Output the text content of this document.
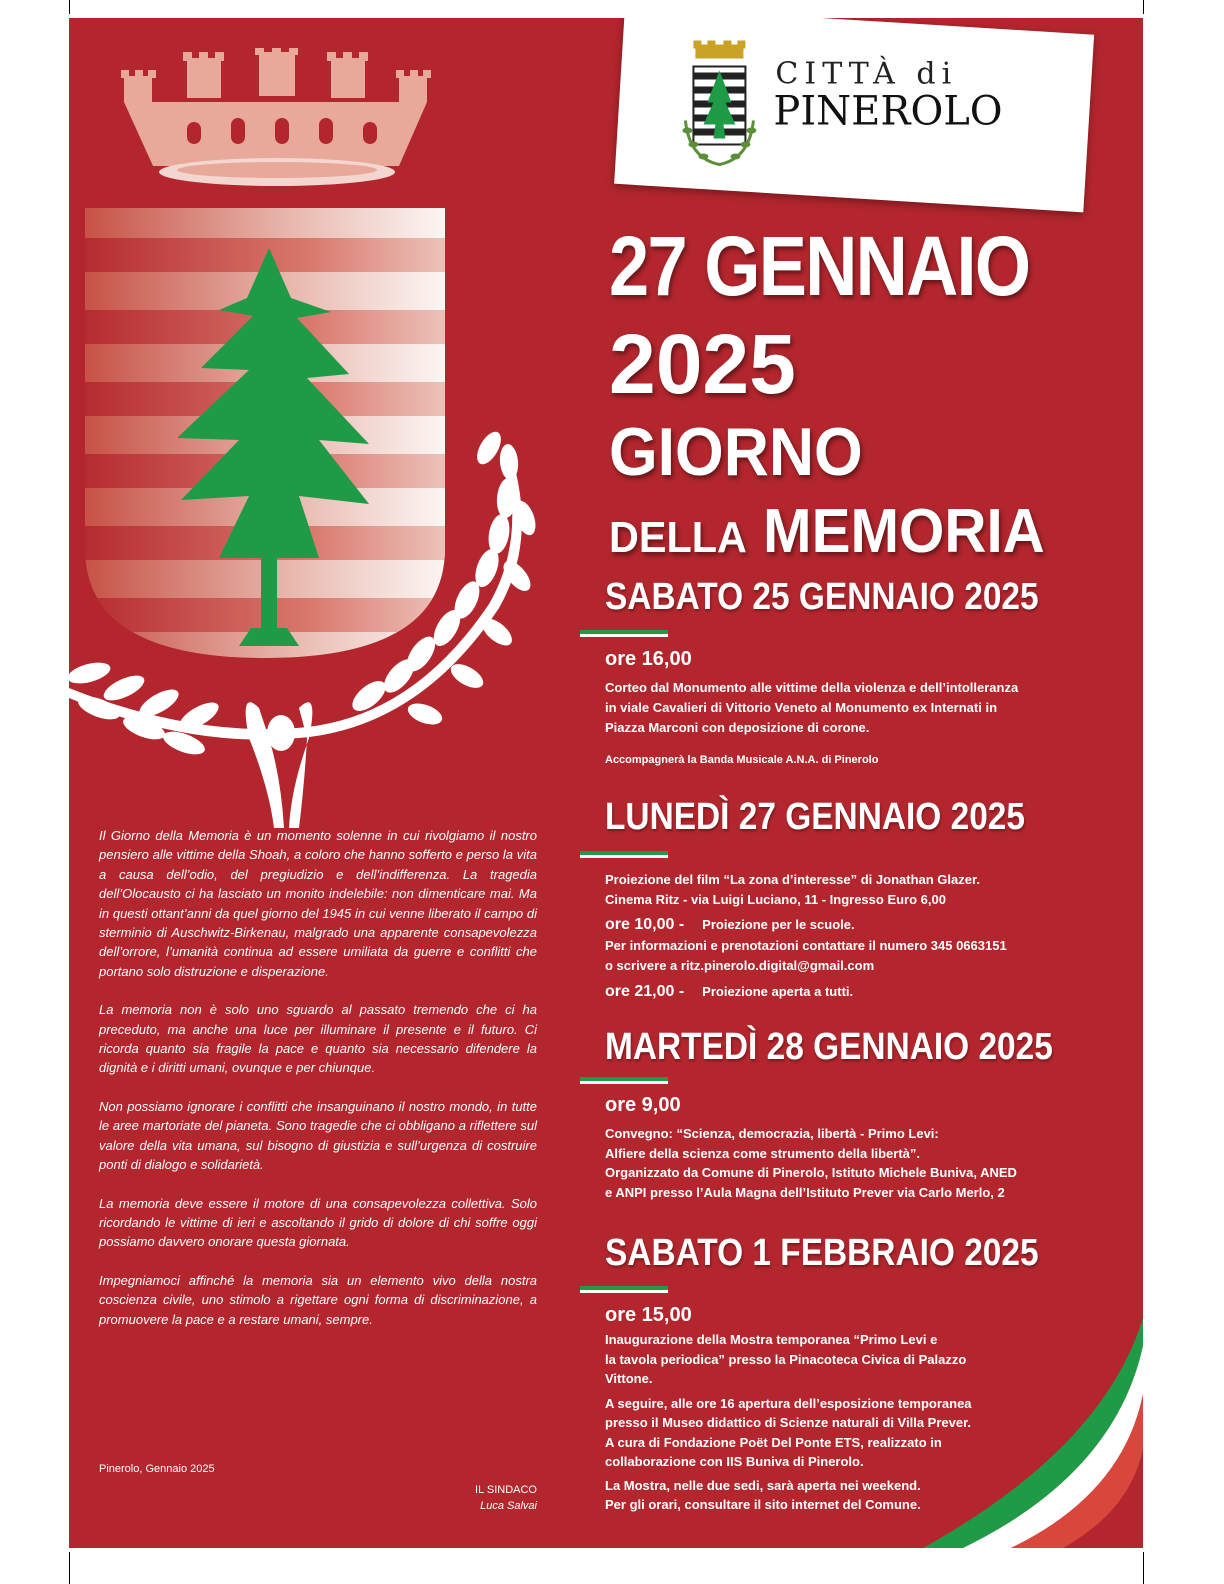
CITTÀ di
PINEROLO
27 GENNAIO
2025
GIORNO
DELLA MEMORIA
SABATO 25 GENNAIO 2025
ore 16,00
Corteo dal Monumento alle vittime della violenza e dell’intolleranza
in viale Cavalieri di Vittorio Veneto al Monumento ex Internati in
Piazza Marconi con deposizione di corone.
Accompagnerà la Banda Musicale A.N.A. di Pinerolo
LUNEDÌ 27 GENNAIO 2025
Proiezione del film “La zona d’interesse” di Jonathan Glazer.
Cinema Ritz - via Luigi Luciano, 11 - Ingresso Euro 6,00
ore 10,00 - Proiezione per le scuole.
Per informazioni e prenotazioni contattare il numero 345 0663151
o scrivere a ritz.pinerolo.digital@gmail.com
ore 21,00 - Proiezione aperta a tutti.
MARTEDÌ 28 GENNAIO 2025
ore 9,00
Convegno: “Scienza, democrazia, libertà - Primo Levi:
Alfiere della scienza come strumento della libertà”.
Organizzato da Comune di Pinerolo, Istituto Michele Buniva, ANED
e ANPI presso l’Aula Magna dell’Istituto Prever via Carlo Merlo, 2
SABATO 1 FEBBRAIO 2025
ore 15,00
Inaugurazione della Mostra temporanea “Primo Levi e
la tavola periodica” presso la Pinacoteca Civica di Palazzo
Vittone.
A seguire, alle ore 16 apertura dell’esposizione temporanea
presso il Museo didattico di Scienze naturali di Villa Prever.
A cura di Fondazione Poët Del Ponte ETS, realizzato in
collaborazione con IIS Buniva di Pinerolo.
La Mostra, nelle due sedi, sarà aperta nei weekend.
Per gli orari, consultare il sito internet del Comune.

Il Giorno della Memoria è un momento solenne in cui rivolgiamo il nostro pensiero alle vittime della Shoah, a coloro che hanno sofferto e perso la vita a causa dell’odio, del pregiudizio e dell’indifferenza. La tragedia dell’Olocausto ci ha lasciato un monito indelebile: non dimenticare mai. Ma in questi ottant’anni da quel giorno del 1945 in cui venne liberato il campo di sterminio di Auschwitz-Birkenau, malgrado una apparente consapevolezza dell’orrore, l’umanità continua ad essere umiliata da guerre e conflitti che portano solo distruzione e disperazione.

La memoria non è solo uno sguardo al passato tremendo che ci ha preceduto, ma anche una luce per illuminare il presente e il futuro. Ci ricorda quanto sia fragile la pace e quanto sia necessario difendere la dignità e i diritti umani, ovunque e per chiunque.

Non possiamo ignorare i conflitti che insanguinano il nostro mondo, in tutte le aree martoriate del pianeta. Sono tragedie che ci obbligano a riflettere sul valore della vita umana, sul bisogno di giustizia e sull’urgenza di costruire ponti di dialogo e solidarietà.

La memoria deve essere il motore di una consapevolezza collettiva. Solo ricordando le vittime di ieri e ascoltando il grido di dolore di chi soffre oggi possiamo davvero onorare questa giornata.

Impegniamoci affinché la memoria sia un elemento vivo della nostra coscienza civile, uno stimolo a rigettare ogni forma di discriminazione, a promuovere la pace e a restare umani, sempre.

Pinerolo, Gennaio 2025
IL SINDACO
Luca Salvai
